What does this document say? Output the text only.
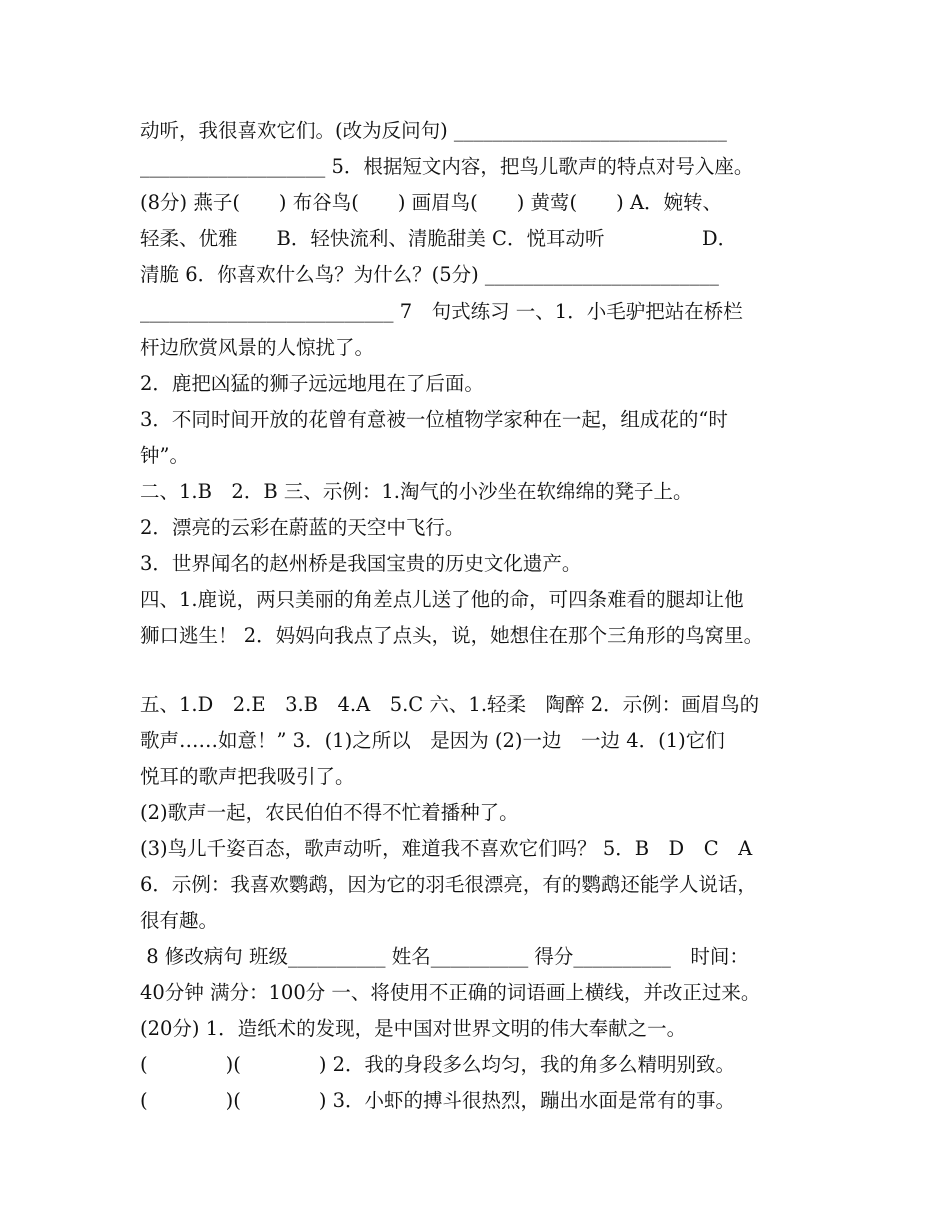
动听，我很喜欢它们。(改为反问句) ____________________________
___________________ 5．根据短文内容，把鸟儿歌声的特点对号入座。
(8分) 燕子(　　) 布谷鸟(　　) 画眉鸟(　　) 黄莺(　　) A．婉转、
轻柔、优雅　　B．轻快流利、清脆甜美 C．悦耳动听　　　　　D．
清脆 6．你喜欢什么鸟？为什么？(5分) ________________________
__________________________ 7　句式练习 一、1．小毛驴把站在桥栏
杆边欣赏风景的人惊扰了。
2．鹿把凶猛的狮子远远地甩在了后面。
3．不同时间开放的花曾有意被一位植物学家种在一起，组成花的“时
钟”。
二、1.B　2．B 三、示例：1.淘气的小沙坐在软绵绵的凳子上。
2．漂亮的云彩在蔚蓝的天空中飞行。
3．世界闻名的赵州桥是我国宝贵的历史文化遗产。
四、1.鹿说，两只美丽的角差点儿送了他的命，可四条难看的腿却让他
狮口逃生！ 2．妈妈向我点了点头，说，她想住在那个三角形的鸟窝里。
五、1.D　2.E　3.B　4.A　5.C 六、1.轻柔　陶醉 2．示例：画眉鸟的
歌声……如意！” 3．(1)之所以　是因为 (2)一边　一边 4．(1)它们
悦耳的歌声把我吸引了。
(2)歌声一起，农民伯伯不得不忙着播种了。
(3)鸟儿千姿百态，歌声动听，难道我不喜欢它们吗？ 5．B　D　C　A
6．示例：我喜欢鹦鹉，因为它的羽毛很漂亮，有的鹦鹉还能学人说话，
很有趣。
8 修改病句 班级__________ 姓名__________ 得分__________　时间：
40分钟 满分：100分 一、将使用不正确的词语画上横线，并改正过来。
(20分) 1．造纸术的发现，是中国对世界文明的伟大奉献之一。
(　　　　)(　　　　) 2．我的身段多么均匀，我的角多么精明别致。
(　　　　)(　　　　) 3．小虾的搏斗很热烈，蹦出水面是常有的事。
